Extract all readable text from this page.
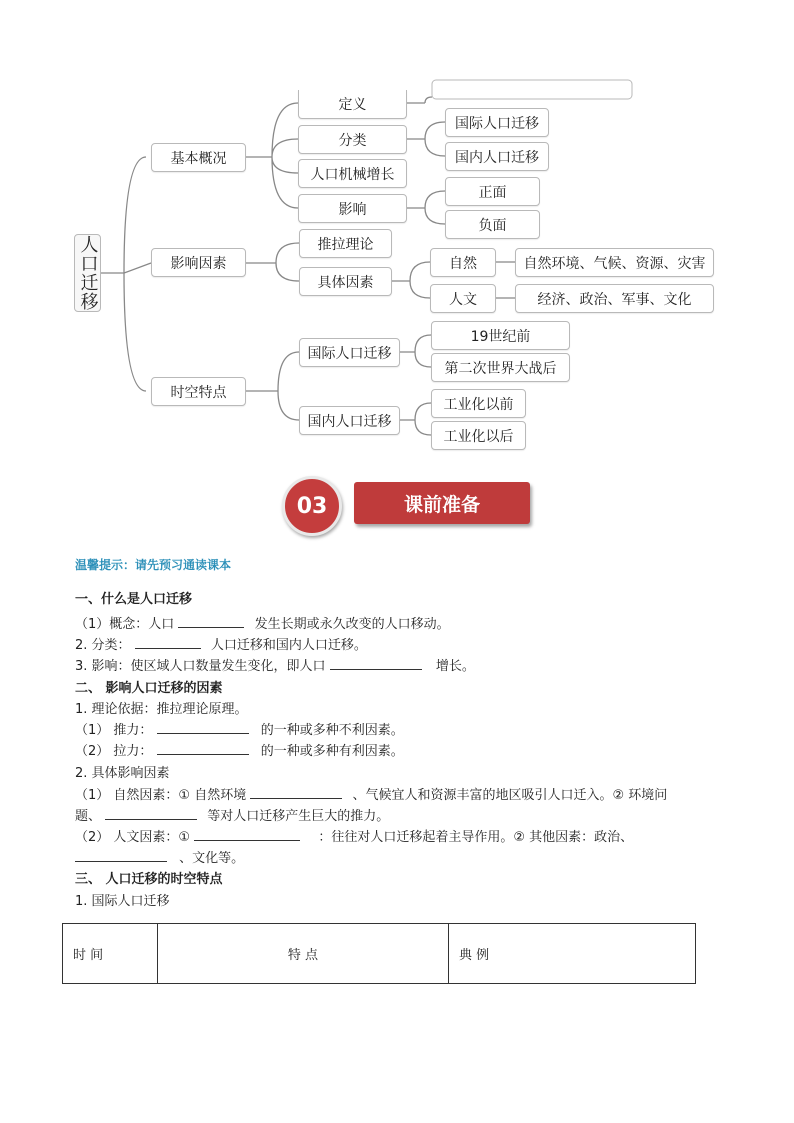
人口迁移
基本概况
影响因素
时空特点
定义
分类
人口机械增长
影响
国际人口迁移
国内人口迁移
正面
负面
推拉理论
具体因素
自然
人文
自然环境、气候、资源、灾害
经济、政治、军事、文化
国际人口迁移
国内人口迁移
19世纪前
第二次世界大战后
工业化以前
工业化以后
03	课前准备
温馨提示：请先预习通读课本
一、什么是人口迁移
（1）概念：人口	发生长期或永久改变的人口移动。
2. 分类：	人口迁移和国内人口迁移。
3. 影响：使区域人口数量发生变化，即人口	增长。
二、 影响人口迁移的因素
1. 理论依据：推拉理论原理。
（1） 推力：	的一种或多种不利因素。
（2） 拉力：	的一种或多种有利因素。
2. 具体影响因素
（1） 自然因素：① 自然环境	、气候宜人和资源丰富的地区吸引人口迁入。② 环境问
题、	等对人口迁移产生巨大的推力。
（2） 人文因素：①	：往往对人口迁移起着主导作用。② 其他因素：政治、
、文化等。
三、 人口迁移的时空特点
1. 国际人口迁移
时 间	特 点	典 例
